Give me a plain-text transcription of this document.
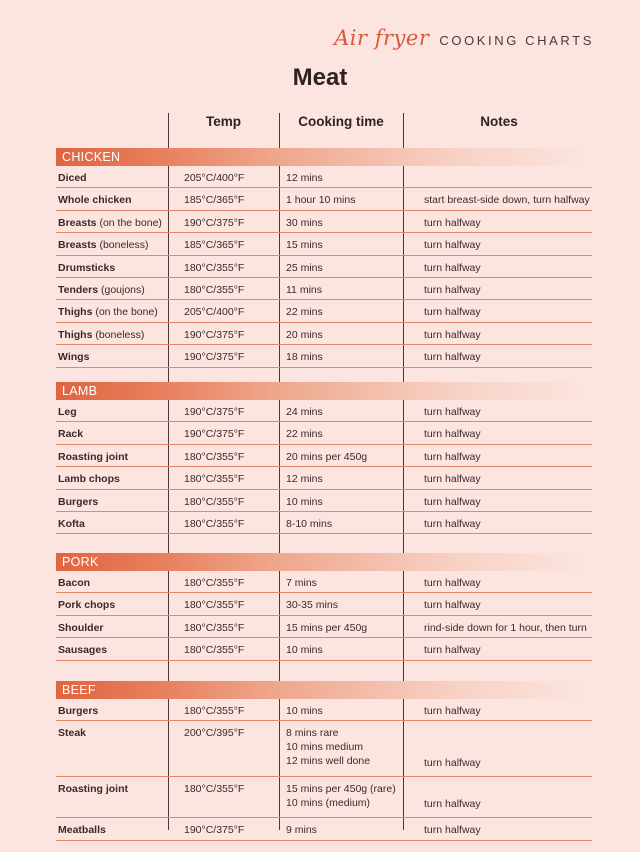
Air fryer COOKING CHARTS
Meat
Temp	Cooking time	Notes
CHICKEN
Diced	205°C/400°F	12 mins
Whole chicken	185°C/365°F	1 hour 10 mins	start breast-side down, turn halfway
Breasts (on the bone) 190°C/375°F	30 mins	turn halfway
Breasts (boneless)	185°C/365°F	15 mins	turn halfway
Drumsticks	180°C/355°F	25 mins	turn halfway
Tenders (goujons)	180°C/355°F	11 mins	turn halfway
Thighs (on the bone) 205°C/400°F	22 mins	turn halfway
Thighs (boneless)	190°C/375°F	20 mins	turn halfway
Wings	190°C/375°F	18 mins	turn halfway
LAMB
Leg	190°C/375°F	24 mins	turn halfway
Rack	190°C/375°F	22 mins	turn halfway
Roasting joint	180°C/355°F	20 mins per 450g	turn halfway
Lamb chops	180°C/355°F	12 mins	turn halfway
Burgers	180°C/355°F	10 mins	turn halfway
Kofta	180°C/355°F	8-10 mins	turn halfway
PORK
Bacon	180°C/355°F	7 mins	turn halfway
Pork chops	180°C/355°F	30-35 mins	turn halfway
Shoulder	180°C/355°F	15 mins per 450g	rind-side down for 1 hour, then turn
Sausages	180°C/355°F	10 mins	turn halfway
BEEF
Burgers	180°C/355°F	10 mins	turn halfway
Steak	200°C/395°F	8 mins rare
10 mins medium
12 mins well done	turn halfway
Roasting joint	180°C/355°F	15 mins per 450g (rare)
10 mins (medium)	turn halfway
Meatballs	190°C/375°F	9 mins	turn halfway
